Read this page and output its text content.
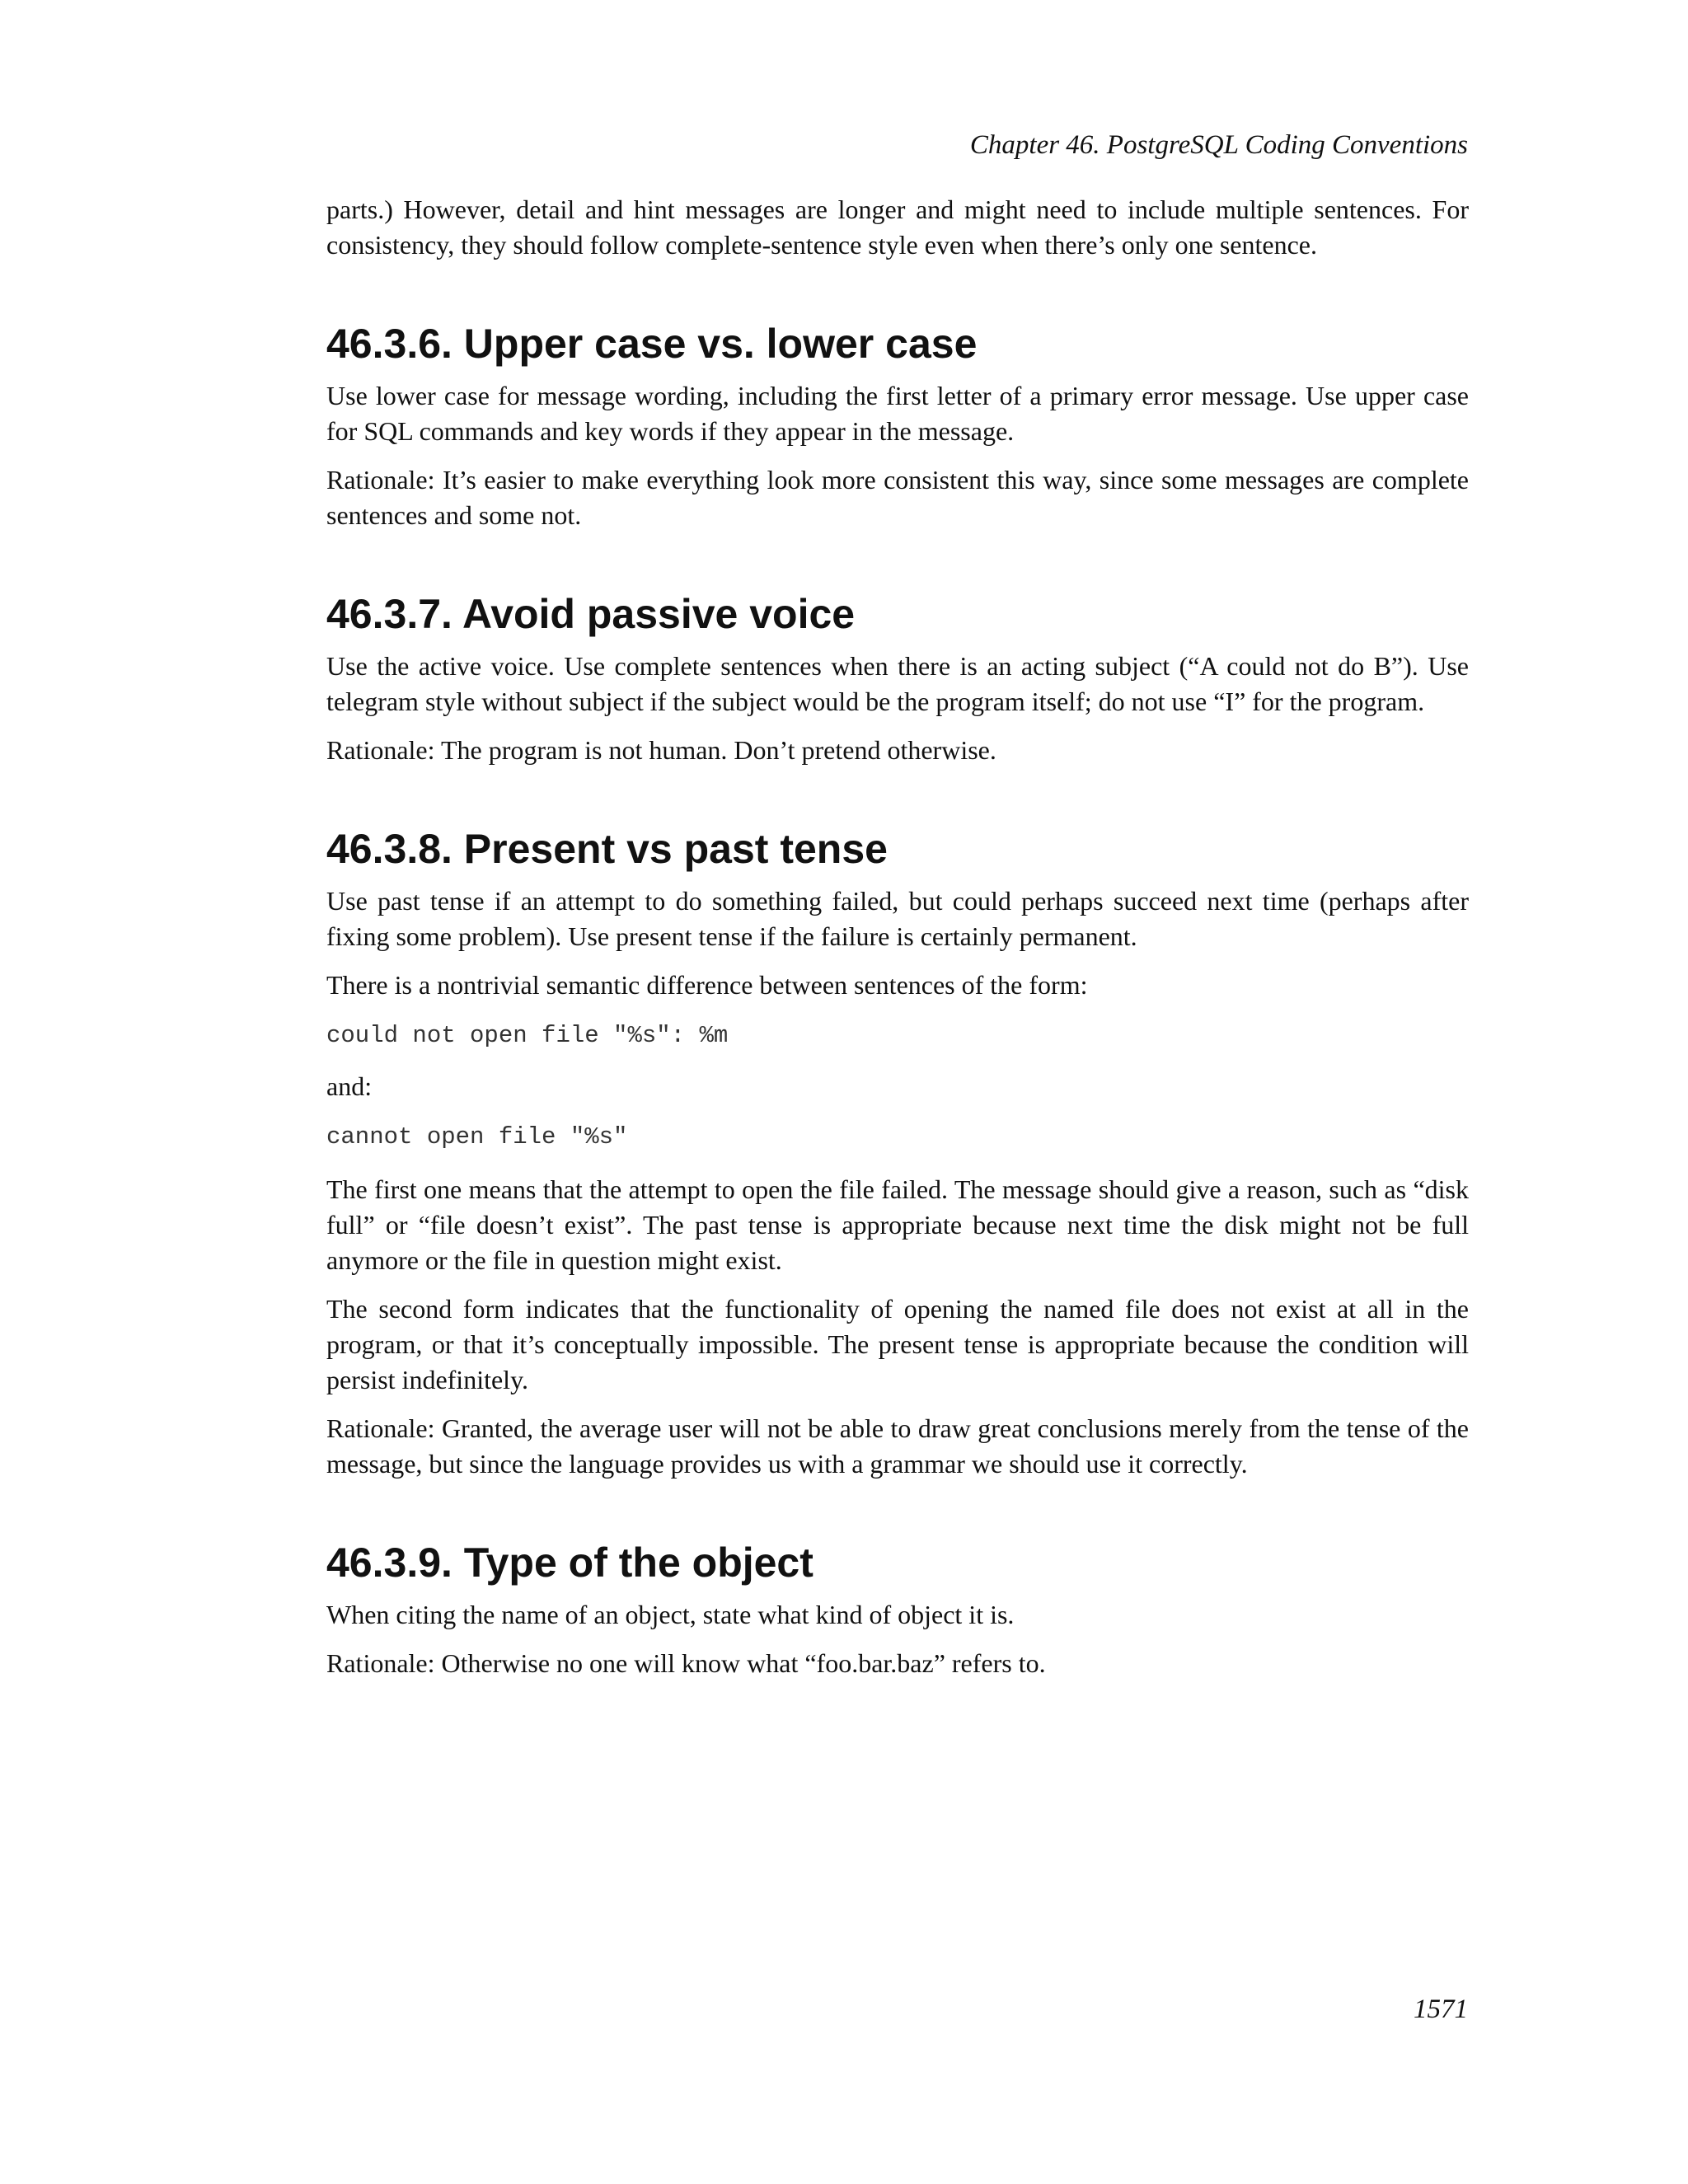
Chapter 46. PostgreSQL Coding Conventions

parts.) However, detail and hint messages are longer and might need to include multiple sentences. For consistency, they should follow complete-sentence style even when there’s only one sentence.

46.3.6. Upper case vs. lower case

Use lower case for message wording, including the first letter of a primary error message. Use upper case for SQL commands and key words if they appear in the message.

Rationale: It’s easier to make everything look more consistent this way, since some messages are complete sentences and some not.

46.3.7. Avoid passive voice

Use the active voice. Use complete sentences when there is an acting subject (“A could not do B”). Use telegram style without subject if the subject would be the program itself; do not use “I” for the program.

Rationale: The program is not human. Don’t pretend otherwise.

46.3.8. Present vs past tense

Use past tense if an attempt to do something failed, but could perhaps succeed next time (perhaps after fixing some problem). Use present tense if the failure is certainly permanent.

There is a nontrivial semantic difference between sentences of the form:

could not open file "%s": %m

and:

cannot open file "%s"

The first one means that the attempt to open the file failed. The message should give a reason, such as “disk full” or “file doesn’t exist”. The past tense is appropriate because next time the disk might not be full anymore or the file in question might exist.

The second form indicates that the functionality of opening the named file does not exist at all in the program, or that it’s conceptually impossible. The present tense is appropriate because the condition will persist indefinitely.

Rationale: Granted, the average user will not be able to draw great conclusions merely from the tense of the message, but since the language provides us with a grammar we should use it correctly.

46.3.9. Type of the object

When citing the name of an object, state what kind of object it is.

Rationale: Otherwise no one will know what “foo.bar.baz” refers to.

1571
